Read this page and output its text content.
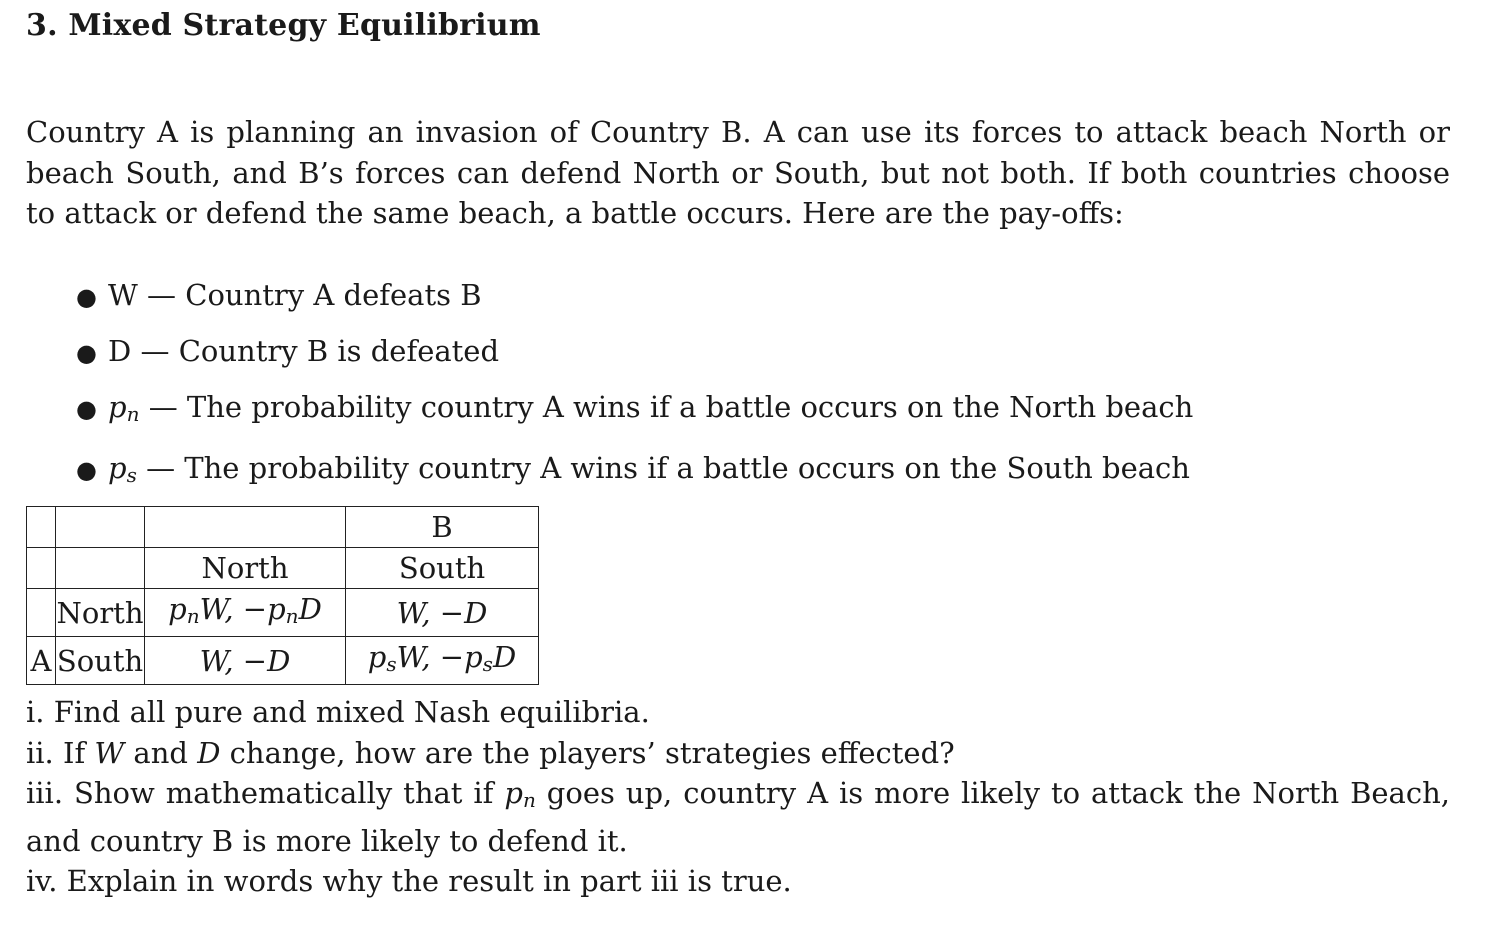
3. Mixed Strategy Equilibrium
Country A is planning an invasion of Country B. A can use its forces to attack beach North or beach South, and B’s forces can defend North or South, but not both. If both countries choose to attack or defend the same beach, a battle occurs. Here are the pay-offs:
● W — Country A defeats B
● D — Country B is defeated
● $p_n$ — The probability country A wins if a battle occurs on the North beach
● $p_s$ — The probability country A wins if a battle occurs on the South beach
			B
		North	South
	North	$p_nW$, $-p_nD$	W, −D
A	South	W, −D	$p_sW$, $-p_sD$
i. Find all pure and mixed Nash equilibria.
ii. If W and D change, how are the players’ strategies effected?
iii. Show mathematically that if $p_n$ goes up, country A is more likely to attack the North Beach, and country B is more likely to defend it.
iv. Explain in words why the result in part iii is true.
